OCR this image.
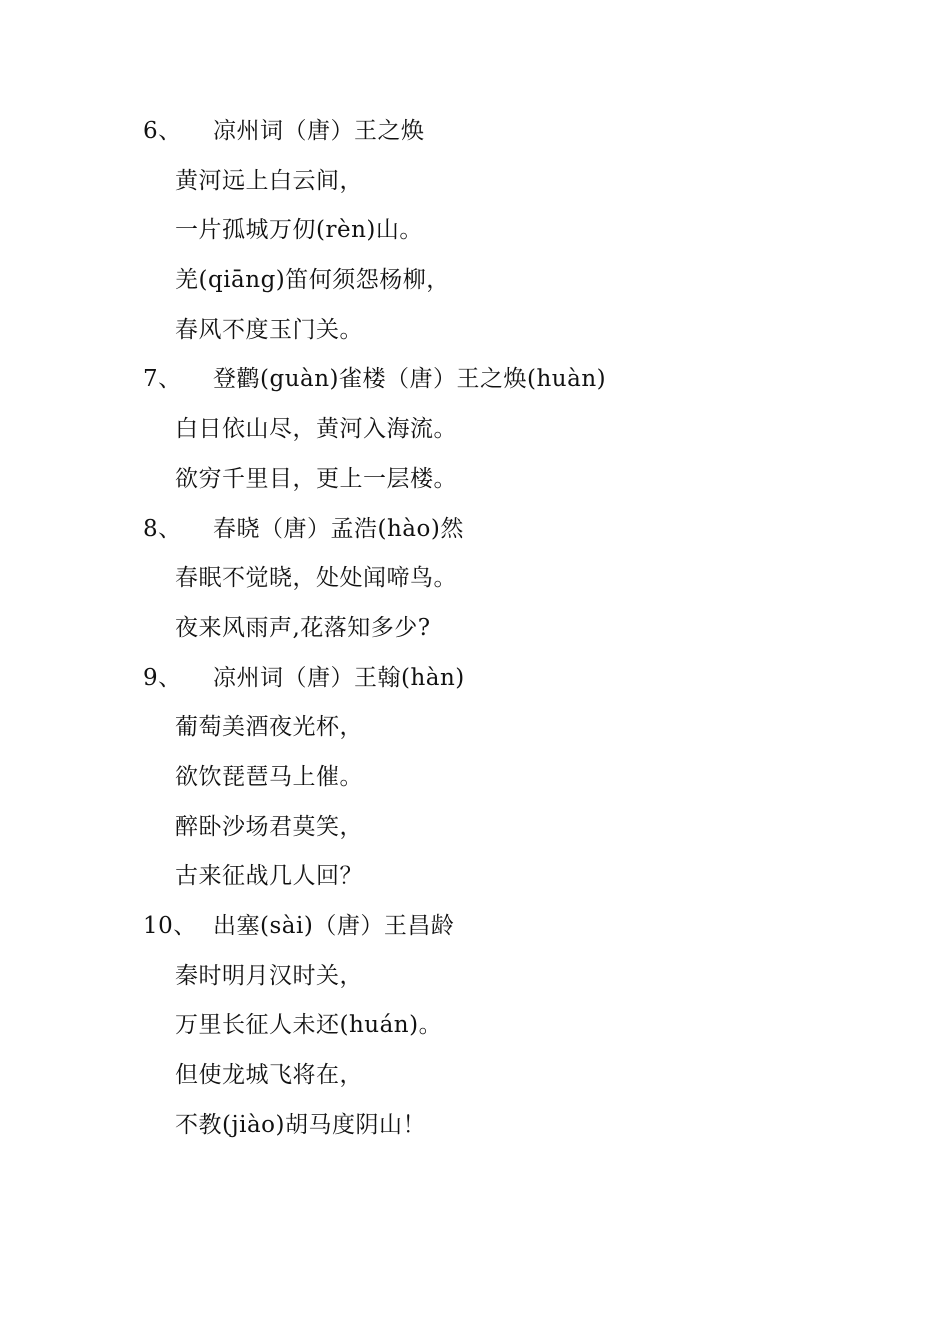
6、	凉州词（唐）王之焕
黄河远上白云间，
一片孤城万仞(rèn)山。
羌(qiāng)笛何须怨杨柳，
春风不度玉门关。
7、	登鹳(guàn)雀楼（唐）王之焕(huàn)
白日依山尽，黄河入海流。
欲穷千里目，更上一层楼。
8、	春晓（唐）孟浩(hào)然
春眠不觉晓，处处闻啼鸟。
夜来风雨声,花落知多少?
9、	凉州词（唐）王翰(hàn)
葡萄美酒夜光杯，
欲饮琵琶马上催。
醉卧沙场君莫笑，
古来征战几人回？
10、 出塞(sài)（唐）王昌龄
秦时明月汉时关，
万里长征人未还(huán)。
但使龙城飞将在，
不教(jiào)胡马度阴山！
